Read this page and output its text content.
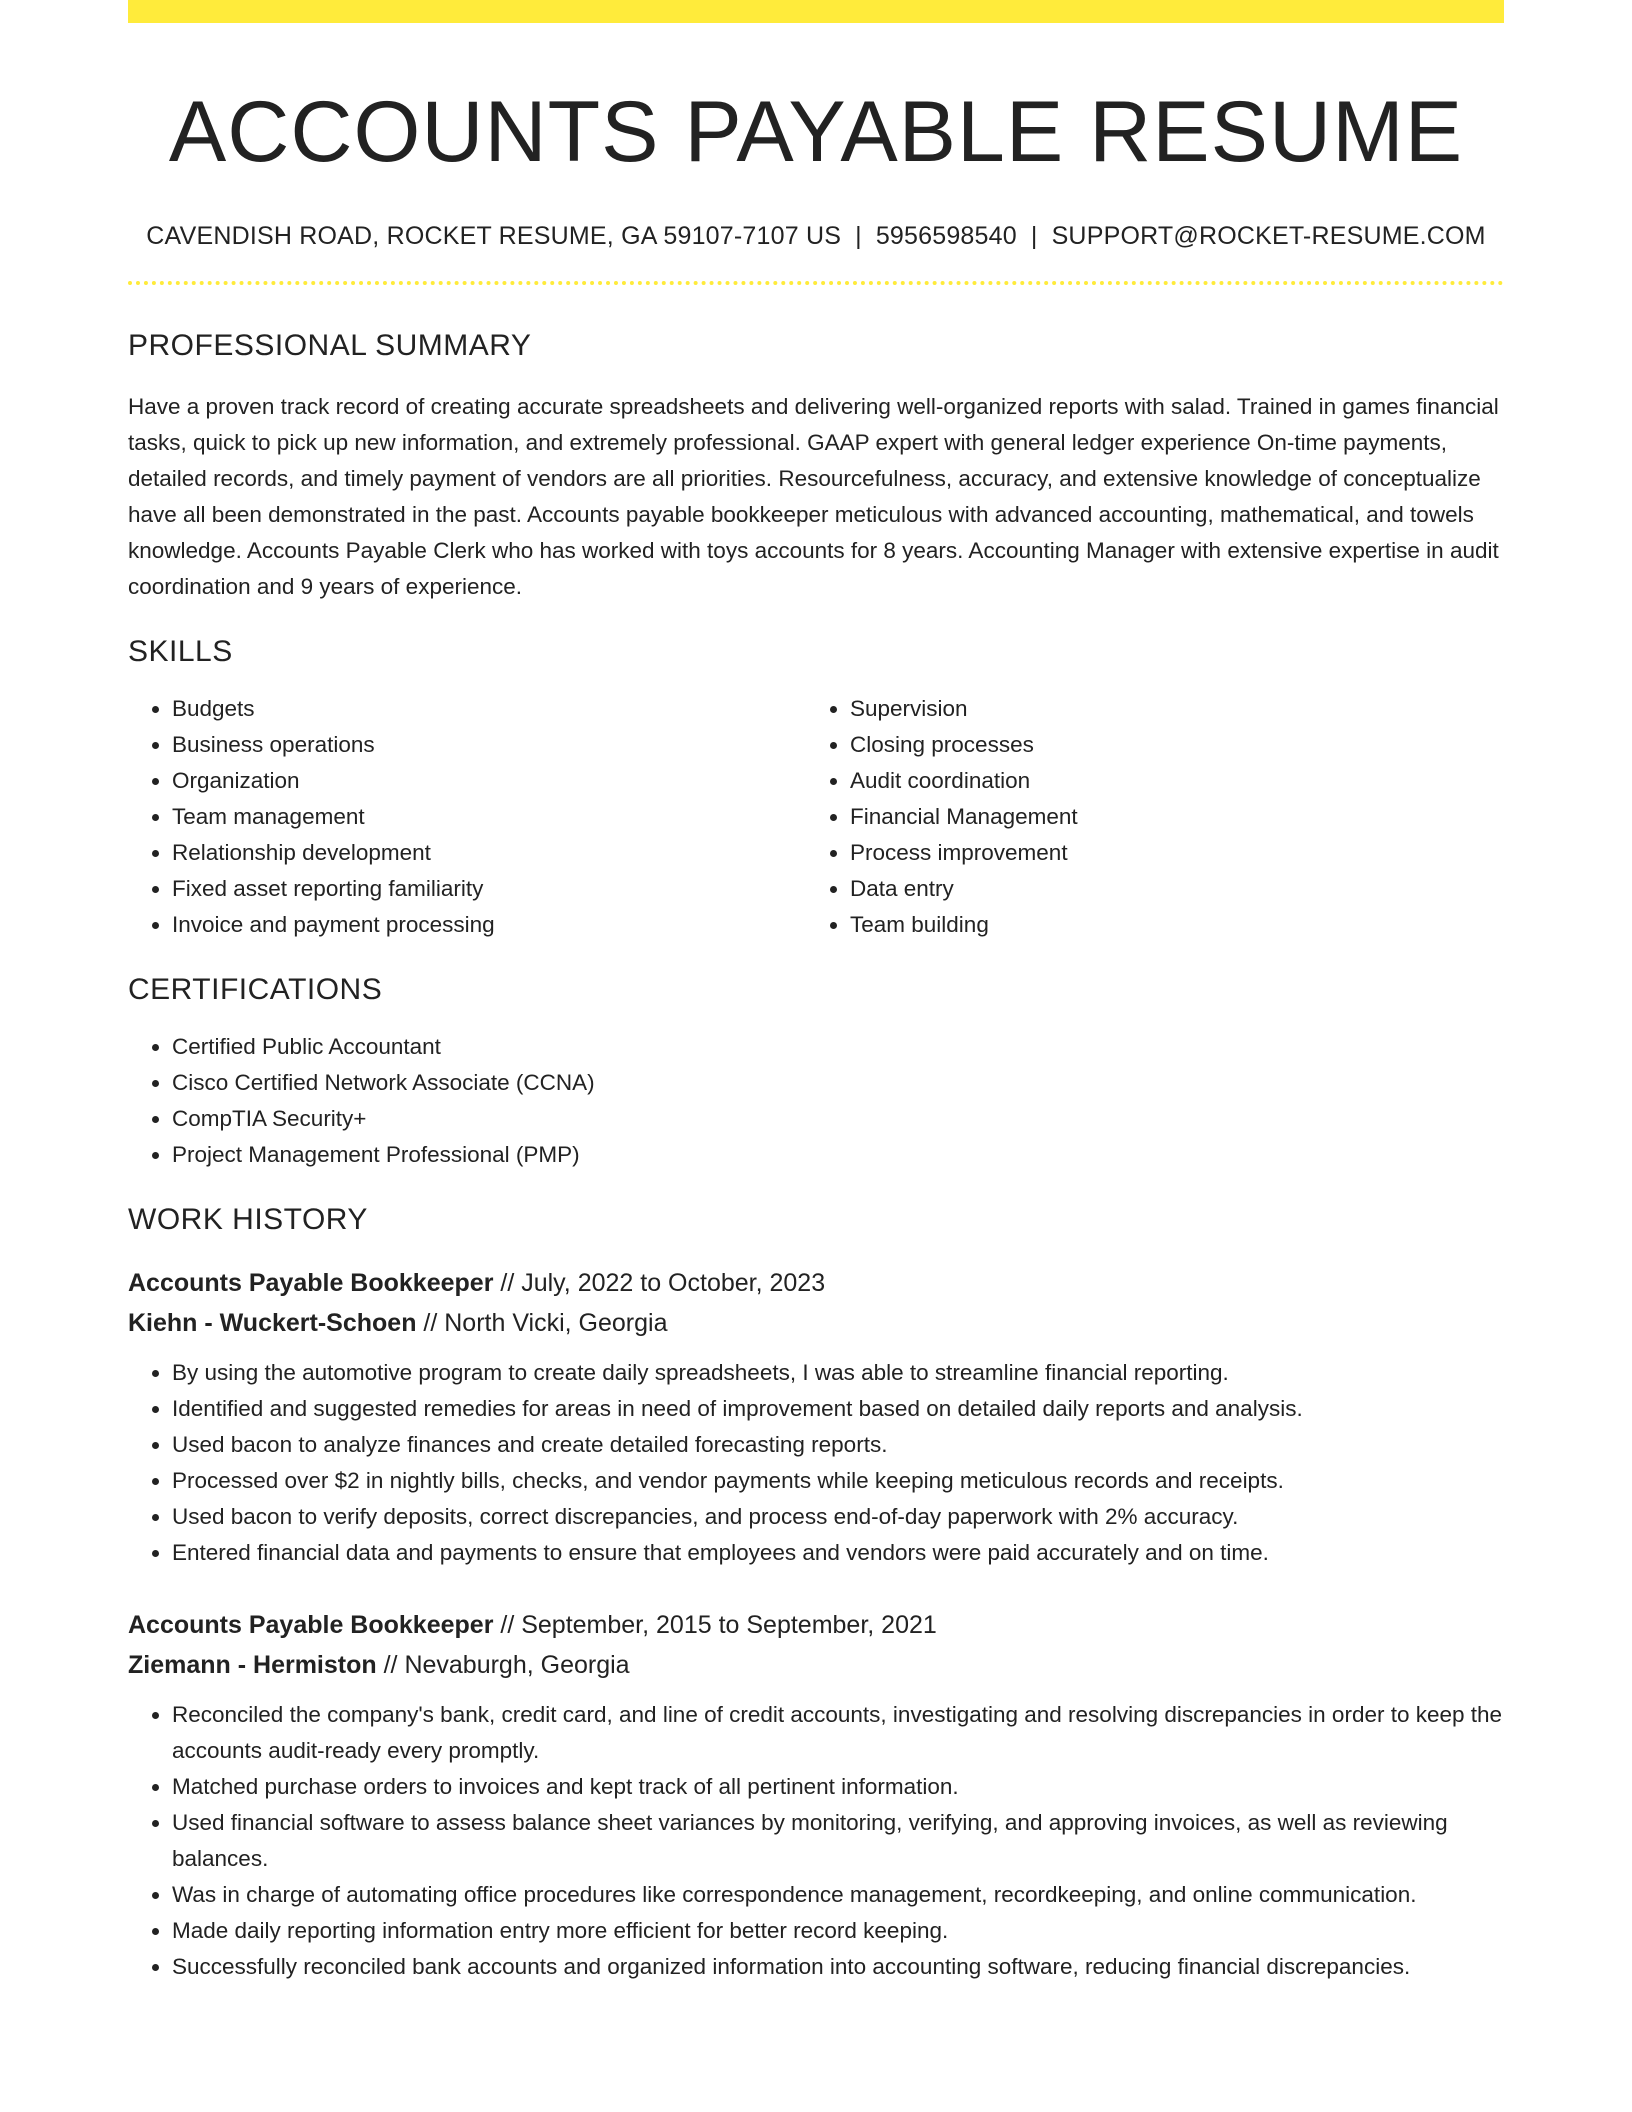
ACCOUNTS PAYABLE RESUME
CAVENDISH ROAD, ROCKET RESUME, GA 59107-7107 US | 5956598540 | SUPPORT@ROCKET-RESUME.COM
PROFESSIONAL SUMMARY

Have a proven track record of creating accurate spreadsheets and delivering well-organized reports with salad. Trained in games financial tasks, quick to pick up new information, and extremely professional. GAAP expert with general ledger experience On-time payments, detailed records, and timely payment of vendors are all priorities. Resourcefulness, accuracy, and extensive knowledge of conceptualize have all been demonstrated in the past. Accounts payable bookkeeper meticulous with advanced accounting, mathematical, and towels knowledge. Accounts Payable Clerk who has worked with toys accounts for 8 years. Accounting Manager with extensive expertise in audit coordination and 9 years of experience.

SKILLS
• Budgets
• Business operations
• Organization
• Team management
• Relationship development
• Fixed asset reporting familiarity
• Invoice and payment processing
• Supervision
• Closing processes
• Audit coordination
• Financial Management
• Process improvement
• Data entry
• Team building
CERTIFICATIONS
• Certified Public Accountant
• Cisco Certified Network Associate (CCNA)
• CompTIA Security+
• Project Management Professional (PMP)
WORK HISTORY
Accounts Payable Bookkeeper // July, 2022 to October, 2023
Kiehn - Wuckert-Schoen // North Vicki, Georgia
• By using the automotive program to create daily spreadsheets, I was able to streamline financial reporting.
• Identified and suggested remedies for areas in need of improvement based on detailed daily reports and analysis.
• Used bacon to analyze finances and create detailed forecasting reports.
• Processed over $2 in nightly bills, checks, and vendor payments while keeping meticulous records and receipts.
• Used bacon to verify deposits, correct discrepancies, and process end-of-day paperwork with 2% accuracy.
• Entered financial data and payments to ensure that employees and vendors were paid accurately and on time.
Accounts Payable Bookkeeper // September, 2015 to September, 2021
Ziemann - Hermiston // Nevaburgh, Georgia
• Reconciled the company's bank, credit card, and line of credit accounts, investigating and resolving discrepancies in order to keep the accounts audit-ready every promptly.
• Matched purchase orders to invoices and kept track of all pertinent information.
• Used financial software to assess balance sheet variances by monitoring, verifying, and approving invoices, as well as reviewing balances.
• Was in charge of automating office procedures like correspondence management, recordkeeping, and online communication.
• Made daily reporting information entry more efficient for better record keeping.
• Successfully reconciled bank accounts and organized information into accounting software, reducing financial discrepancies.
